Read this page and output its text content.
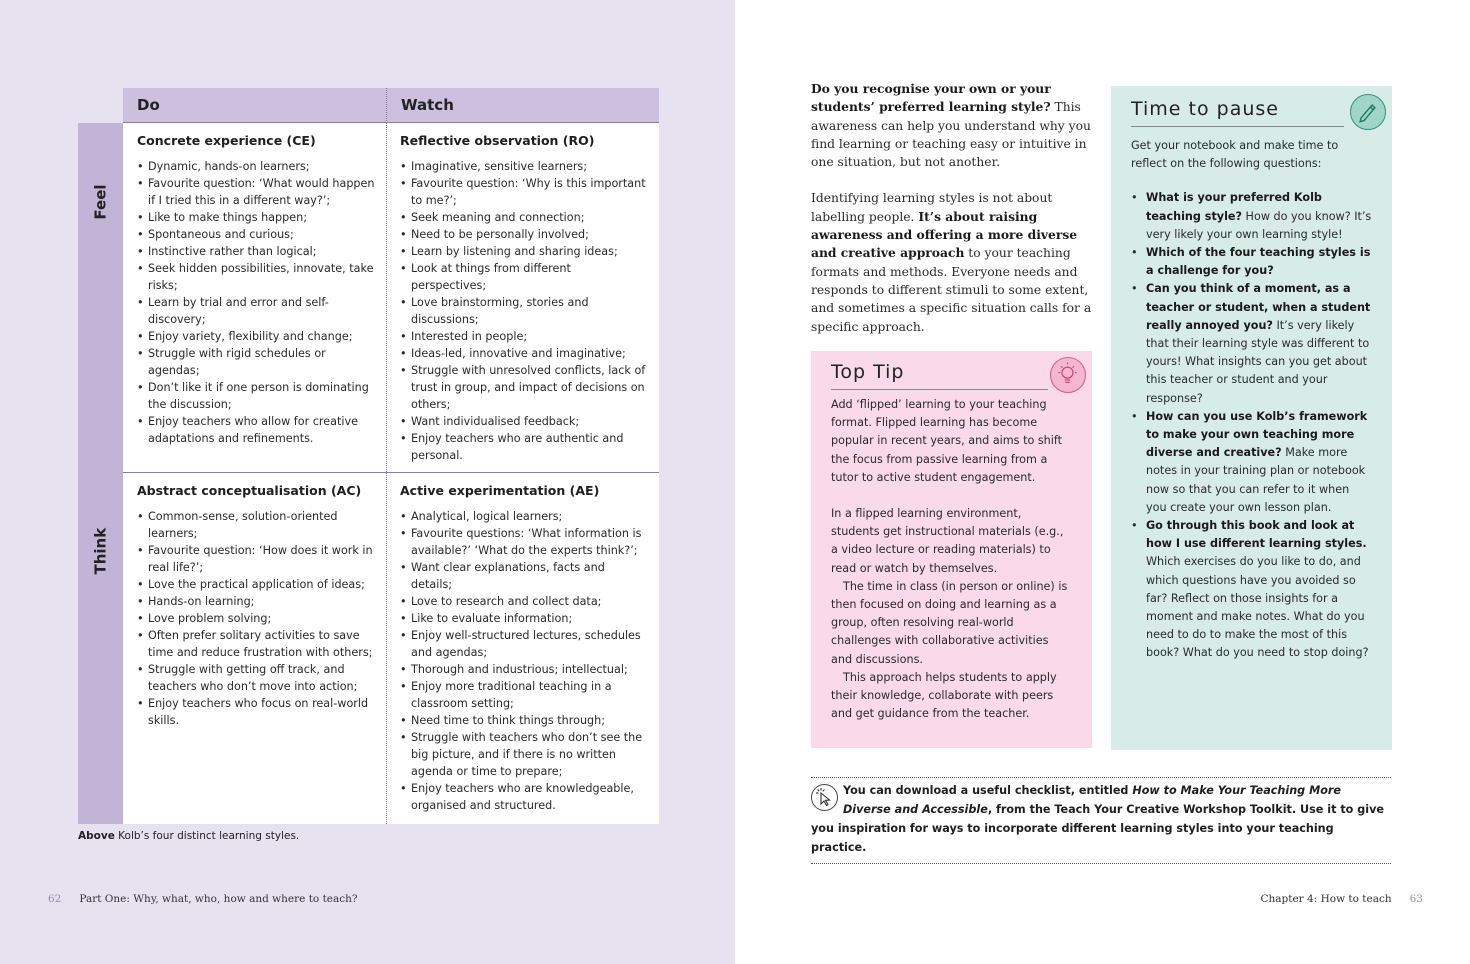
Do	Watch
Feel
Think
Concrete experience (CE)
• Dynamic, hands-on learners;
• Favourite question: ‘What would happen if I tried this in a different way?’;
• Like to make things happen;
• Spontaneous and curious;
• Instinctive rather than logical;
• Seek hidden possibilities, innovate, take risks;
• Learn by trial and error and self-discovery;
• Enjoy variety, flexibility and change;
• Struggle with rigid schedules or agendas;
• Don’t like it if one person is dominating the discussion;
• Enjoy teachers who allow for creative adaptations and refinements.
Reflective observation (RO)
• Imaginative, sensitive learners;
• Favourite question: ‘Why is this important to me?’;
• Seek meaning and connection;
• Need to be personally involved;
• Learn by listening and sharing ideas;
• Look at things from different perspectives;
• Love brainstorming, stories and discussions;
• Interested in people;
• Ideas-led, innovative and imaginative;
• Struggle with unresolved conflicts, lack of trust in group, and impact of decisions on others;
• Want individualised feedback;
• Enjoy teachers who are authentic and personal.
Abstract conceptualisation (AC)
• Common-sense, solution-oriented learners;
• Favourite question: ‘How does it work in real life?’;
• Love the practical application of ideas;
• Hands-on learning;
• Love problem solving;
• Often prefer solitary activities to save time and reduce frustration with others;
• Struggle with getting off track, and teachers who don’t move into action;
• Enjoy teachers who focus on real-world skills.
Active experimentation (AE)
• Analytical, logical learners;
• Favourite questions: ‘What information is available?’ ‘What do the experts think?’;
• Want clear explanations, facts and details;
• Love to research and collect data;
• Like to evaluate information;
• Enjoy well-structured lectures, schedules and agendas;
• Thorough and industrious; intellectual;
• Enjoy more traditional teaching in a classroom setting;
• Need time to think things through;
• Struggle with teachers who don’t see the big picture, and if there is no written agenda or time to prepare;
• Enjoy teachers who are knowledgeable, organised and structured.
Above Kolb’s four distinct learning styles.
62 Part One: Why, what, who, how and where to teach?

Do you recognise your own or your students’ preferred learning style? This awareness can help you understand why you find learning or teaching easy or intuitive in one situation, but not another.

Identifying learning styles is not about labelling people. It’s about raising awareness and offering a more diverse and creative approach to your teaching formats and methods. Everyone needs and responds to different stimuli to some extent, and sometimes a specific situation calls for a specific approach.

Top Tip

Add ‘flipped’ learning to your teaching format. Flipped learning has become popular in recent years, and aims to shift the focus from passive learning from a tutor to active student engagement.

In a flipped learning environment, students get instructional materials (e.g., a video lecture or reading materials) to read or watch by themselves.

The time in class (in person or online) is then focused on doing and learning as a group, often resolving real-world challenges with collaborative activities and discussions.

This approach helps students to apply their knowledge, collaborate with peers and get guidance from the teacher.

Time to pause
Get your notebook and make time to reflect on the following questions:
• What is your preferred Kolb teaching style? How do you know? It’s very likely your own learning style!
• Which of the four teaching styles is a challenge for you?
• Can you think of a moment, as a teacher or student, when a student really annoyed you? It’s very likely that their learning style was different to yours! What insights can you get about this teacher or student and your response?
• How can you use Kolb’s framework to make your own teaching more diverse and creative? Make more notes in your training plan or notebook now so that you can refer to it when you create your own lesson plan.
• Go through this book and look at how I use different learning styles. Which exercises do you like to do, and which questions have you avoided so far? Reflect on those insights for a moment and make notes. What do you need to do to make the most of this book? What do you need to stop doing?
You can download a useful checklist, entitled How to Make Your Teaching More Diverse and Accessible, from the Teach Your Creative Workshop Toolkit. Use it to give you inspiration for ways to incorporate different learning styles into your teaching practice.
Chapter 4: How to teach 63
